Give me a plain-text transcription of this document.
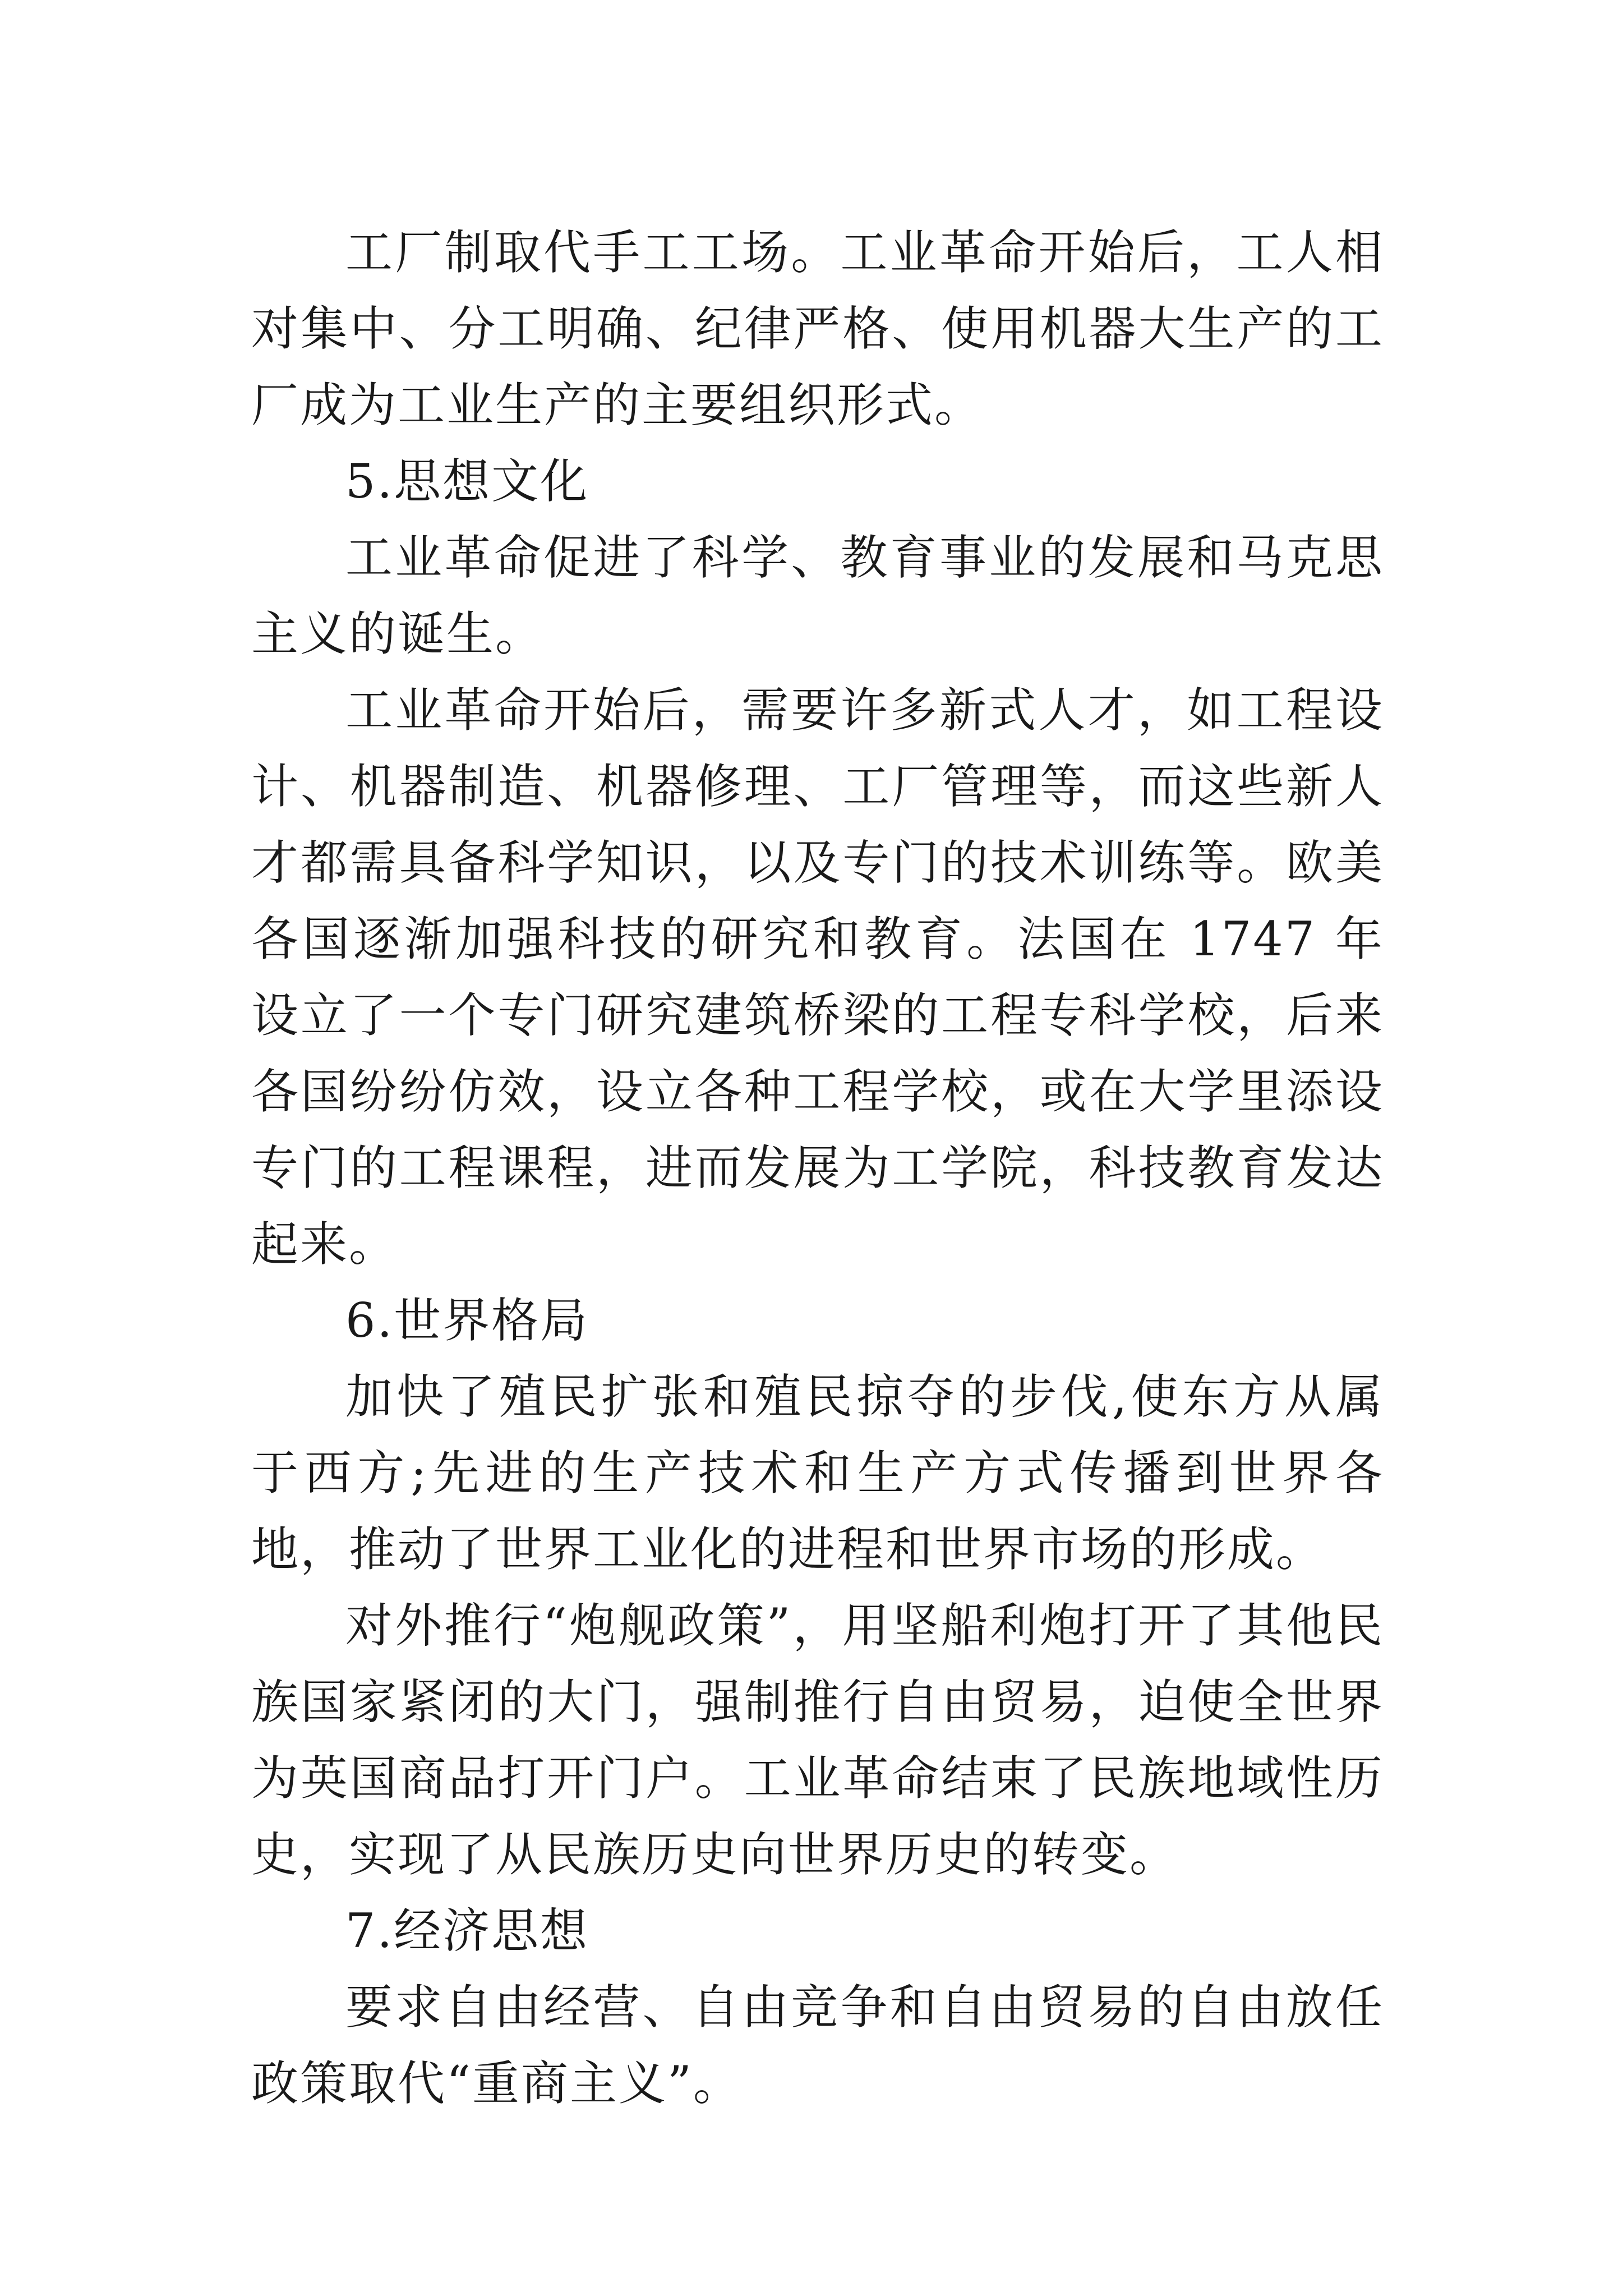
工厂制取代手工工场。工业革命开始后，工人相对集中、分工明确、纪律严格、使用机器大生产的工厂成为工业生产的主要组织形式。

5.思想文化

工业革命促进了科学、教育事业的发展和马克思主义的诞生。

工业革命开始后，需要许多新式人才，如工程设计、机器制造、机器修理、工厂管理等，而这些新人才都需具备科学知识，以及专门的技术训练等。欧美各国逐渐加强科技的研究和教育。法国在 1747 年设立了一个专门研究建筑桥梁的工程专科学校，后来各国纷纷仿效，设立各种工程学校，或在大学里添设专门的工程课程，进而发展为工学院，科技教育发达起来。

6.世界格局

加快了殖民扩张和殖民掠夺的步伐,使东方从属于西方;先进的生产技术和生产方式传播到世界各地，推动了世界工业化的进程和世界市场的形成。

对外推行“炮舰政策”，用坚船利炮打开了其他民族国家紧闭的大门，强制推行自由贸易，迫使全世界为英国商品打开门户。工业革命结束了民族地域性历史，实现了从民族历史向世界历史的转变。

7.经济思想

要求自由经营、自由竞争和自由贸易的自由放任政策取代“重商主义”。
